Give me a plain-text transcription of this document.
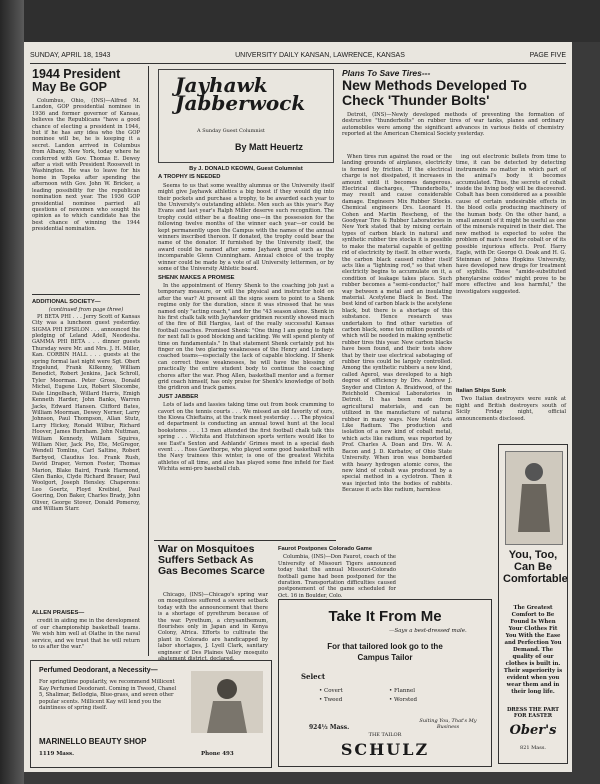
SUNDAY, APRIL 18, 1943	UNIVERSITY DAILY KANSAN, LAWRENCE, KANSAS	PAGE FIVE
1944 President May Be GOP

Columbus, Ohio, (INS)—Alfred M. Landon, GOP presidential nominee in 1936 and former governor of Kansas, believes the Republicans "have a good chance of electing a president in 1944, but if he has any idea who the GOP nominee will be, he is keeping it a secret. Landon arrived in Columbus from Albany, New York, today where he conferred with Gov. Thomas E. Dewey after a visit with President Roosevelt in Washington. He was to leave for his home in Topeka after spending the afternoon with Gov. John W. Bricker, a leading possibility for the republican nomination next year. The 1936 GOP presidential nominee parried all questions of newsmen who sought his opinion as to which candidate has the best chance of winning the 1944 presidential nomination.

ADDITIONAL SOCIETY—
(continued from page three)

PI BETA PHI . . . Jerry Scott of Kansas City was a luncheon guest yesterday. SIGMA PHI EPSILON . . . announced the pledging of Leland Adell, Neodesha. GAMMA PHI BETA . . . dinner guests Thursday were Mr. and Mrs. J. H. Miller, Kan. CORBIN HALL . . . guests at the spring formal last night were Sgt. Obert Engelund, Frank Kilkenny, William Benedict, Robert Jenkins, Jack Schroll, Tyler Moorman. Peter Gross, Donald Michel, Eugene Lux, Robert Slocombe, Dale Lingelbach, Willard Harris, Emigh Kenneth Harder, John Banks, Warren Jacks, Edward Hansen. Clifford Bates, William Moorman, Dewey Nerner, Larry Johnson, Paul Thompson, Allan Stutz, Larry Hickey, Ronald Wilbur, Richard Hoover, James Burnham. John Nuttman, William Kennedy, William Squires, William Nier, Jack Pio, Ete, McGregor, Wendell Tomlins, Carl Saltine, Robert Barbyod, Claudius Ice. Frank Rush, David Draper, Vernon Foster, Thomas Marion, Blake Baird, Frank Harmond, Glen Banks, Clyde Richard Brauer, Paul Woolgort, Joseph Hensley. Chaperons: Leo Goertz, Floyd Kreibiel, Paul Goering, Don Baker, Charles Brady, John Oliver, George Stover, Donald Pomeroy, and William Starr.

ALLEN PRAISES—

credit in aiding me in the development of our championship basketball teams. We wish him well at Olathe in the naval service, and we trust that he will return to us after the war."

Jayhawk Jabberwock
A Sunday Guest Columnist
By Matt Heuertz
By J. DONALD KEOWN, Guest Columnist
A TROPHY IS NEEDED

Seems to us that some wealthy alumnus or the University itself might give Jayhawk athletics a big boost if they would dig into their pockets and purchase a trophy, to be awarded each year to the University's outstanding athlete. Men such as this year's Ray Evans and last year's Ralph Miller deserve such recognition. The trophy could either be a floating one—in the possession for the following twelve months of the winner each year—or could be kept permanently upon the Campus with the names of the annual winners inscribed thereon. If donated, the trophy could bear the name of the donator. If furnished by the University itself, the award could be named after some Jayhawk great such as the incomparable Glenn Cunningham. Annual choice of the trophy winner could be made by a vote of all University lettermen, or by some of the University Athletic board.

SHENK MAKES A PROMISE

In the appointment of Henry Shenk to the coaching job just a temporary measure, or will the physical and instructor hold on after the war? At present all the signs seem to point to a Shenk regime only for the duration, since it was stressed that he was named only "acting coach," and for the "43 season alone. Shenk in his first chalk talk with Jayhawker gridmen recently showed much of the fire of Bill Hargiss, last of the really successful Kansas football coaches. Promised Shenk: "One thing I am going to fight for next fall is good blocking and tackling. We will spend plenty of time on fundamentals." In that statement Shenk certainly put his finger on the two glaring weaknesses of the Henry and Lindsey-coached teams—especially the lack of capable blocking. If Shenk can correct those weaknesses, he will have the blessing of practically the entire student body to continue the coaching chores after the war. Phog Allen, basketball mentor and a former grid coach himself, has only praise for Shenk's knowledge of both the gridiron and track games.

JUST JABBER

Lots of lads and lassies taking time out from book cramming to cavort on the tennis courts . . . We missed an old favority of ours, the Kiowa Chieftains, at the track meet yesterday . . . The physical ed department is conducting an annual towel hunt at the local bookstores . . . 13 men attended the first football chalk talk this spring . . . Wichita and Hutchinson sports writers would like to see East's Sexton and Ashlands' Grimes meet in a special dash event . . . Ross Gawthorpe, who played some good basketball with the Navy trainees this winter, is one of the greatest Wichita athletes of all time, and also has played some fine infield for East Wichita semi-pro baseball club.

War on Mosquitoes Suffers Setback As Gas Becomes Scarce

Chicago, (INS)—Chicago's spring war on mosquitoes suffered a severe setback today with the announcement that there is a shortage of pyrethrum because of the war. Pyrethum, a chrysanthemum, flourishes only in Japan and in Kenya Colony, Africa. Efforts to cultivate the plant in Colorado are handicapped by labor shortages, J. Lyell Clark, sanitary engineer of Des Plaines Valley mosquito

Faurot Postpones Colorado Game

Columbia, (INS)—Don Faurot, coach of the University of Missouri Tigers announced today that the annual Missouri-Colorado football game had been postponed for the duration. Transportation difficulties caused postponement of the game scheduled for Oct. 16 in Boulder, Colo.

Plans To Save Tires---
New Methods Developed To Check 'Thunder Bolts'

Detroit, (INS)—Newly developed methods of preventing the formation of destructive "thunderbolts" on rubber tires of war tanks, planes and ordinary automobiles were among the significant advances in various fields of chemistry reported at the American Chemical Society yesterday.

When tires run against the road or the landing grounds of airplanes, electricity is formed by friction. If the electrical charge is not dissipated, it increases in amount until it becomes dangerous. Electrical discharges, "Thunderbolts," may result and cause considerable damage. Engineers Mix Rubber Stocks. Chemical engineers Drs. Leonard H. Cohen and Martin Rescheng, of the Goodyear Tire & Rubber Laboratories in New York stated that by mixing certain types of carbon black in natural and synthetic rubber tire stocks it is possible to make the material capable of getting rid of electricity by itself. In other words, the carbon black caused rubber itself acts like a "lightning rod," so that when electricity begins to accumulate on it, a condition of leakage takes place. Such rubber becomes a "semi-conductor," half way between a metal and an insulating material. Acetylene Black Is Best. The best kind of carbon black is the acetylene black, but there is a shortage of this substance. Hence research was undertaken to find other varieties of carbon black, some ten million pounds of which will be needed in making synthetic rubber tires this year. New carbon blacks have been found, and their tests show that by their use electrical sabotaging of rubber tires could be largely controlled. Among the synthetic rubbers a new kind, called Agerol, was developed to a high degree of efficiency by Drs. Andrew J. Snyder and Clinton A. Braidwood, of the Reichhold Chemical Laboratories in Detroit. It has been made from agricultural materials, and can be utilized in the manufacture of natural rubber in many ways. New Metal Acts Like Radium. The production and isolation of a new kind of cobalt metal, which acts like radium, was reported by Prof. Charles A. Doan and Drs. W. A. Bacon and J. D. Kurbatov, of Ohio State University. When iron was bombarded with heavy hydrogen atomic cores, the new kind of cobalt was produced by a special method in a cyclotron. Then it was injected into the bodies of rabbits. Because it acts like radium, harmless

ing out electronic bullets from time to time, it can be detected by detecting instruments no matter in which part of the animal's body it becomes accumulated. Thus, the secrets of cobalt inside the living body will be discovered. Cobalt has been considered as a possible cause of certain undesirable effects in the blood cells producing machinery of the human body. On the other hand, a small amount of it might be useful as one of the minerals required in their diet. The new method is expected to solve the problem of man's need for cobalt or of its possible injurious effects. Prof. Harry Eagle, with Dr. George O. Doak and H. G. Steinman of Johns Hopkins University, have developed new drugs for treatment of syphilis. These "amide-substituted phenylarsine oxides" might prove to be more effective and less harmful," the investigators suggested.

Italian Ships Sunk

Two Italian destroyers were sunk at night and British destroyers south of Sicily Friday night, official announcements disclosed.

You, Too, Can Be Comfortable
The Greatest Comfort to Be Found Is When Your Clothes Fit You With the Ease and Perfection You Demand. The quality of our clothes is built in. Their superiority is evident when you wear them and in their long life.
DRESS THE PART FOR EASTER
Ober's
821 Mass.
Take It From Me
—Says a best-dressed male.
For that tailored look go to the
Campus Tailor
Select
• Covert
• Tweed
• Flannel
• Worsted
924½ Mass.
Suiting You, That's My Business
THE TAILOR
SCHULZ
Perfumed Deodorant, a Necessity—
For springtime popularity, we recommend Millicent Kay Perfumed Deodorant. Coming in Tweed, Chanel 5, Shalimar, Bellodgia, Blue-grass, and seven other popular scents. Millicent Kay will lend you the daintiness of spring itself.
MARINELLO BEAUTY SHOP
1119 Mass.	Phone 493
